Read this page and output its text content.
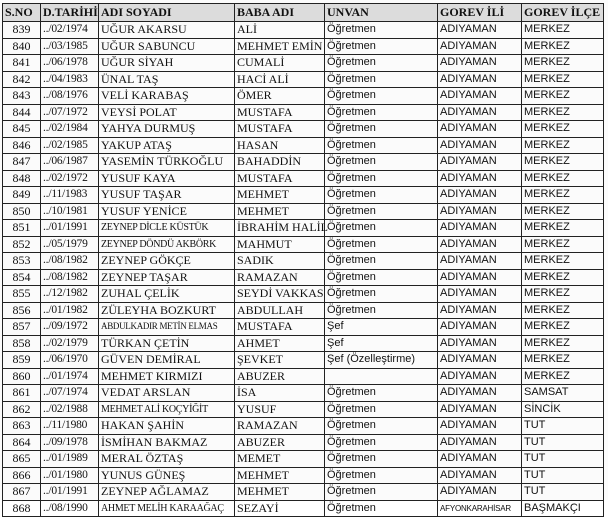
S.NO	D.TARİHİ	ADI SOYADI	BABA ADI	UNVAN	GOREV İLİ	GOREV İLÇE
839	../02/1974	UĞUR AKARSU	ALİ	Öğretmen	ADIYAMAN	MERKEZ
840	../03/1985	UĞUR SABUNCU	MEHMET EMİN	Öğretmen	ADIYAMAN	MERKEZ
841	../06/1978	UĞUR SİYAH	CUMALİ	Öğretmen	ADIYAMAN	MERKEZ
842	../04/1983	ÜNAL TAŞ	HACİ ALİ	Öğretmen	ADIYAMAN	MERKEZ
843	../08/1976	VELİ KARABAŞ	ÖMER	Öğretmen	ADIYAMAN	MERKEZ
844	../07/1972	VEYSİ POLAT	MUSTAFA	Öğretmen	ADIYAMAN	MERKEZ
845	../02/1984	YAHYA DURMUŞ	MUSTAFA	Öğretmen	ADIYAMAN	MERKEZ
846	../02/1985	YAKUP ATAŞ	HASAN	Öğretmen	ADIYAMAN	MERKEZ
847	../06/1987	YASEMİN TÜRKOĞLU	BAHADDİN	Öğretmen	ADIYAMAN	MERKEZ
848	../02/1972	YUSUF KAYA	MUSTAFA	Öğretmen	ADIYAMAN	MERKEZ
849	../11/1983	YUSUF TAŞAR	MEHMET	Öğretmen	ADIYAMAN	MERKEZ
850	../10/1981	YUSUF YENİCE	MEHMET	Öğretmen	ADIYAMAN	MERKEZ
851	../01/1991	ZEYNEP DİCLE KÜSTÜK	İBRAHİM HALİL	Öğretmen	ADIYAMAN	MERKEZ
852	../05/1979	ZEYNEP DÖNDÜ AKBÖRK	MAHMUT	Öğretmen	ADIYAMAN	MERKEZ
853	../08/1982	ZEYNEP GÖKÇE	SADIK	Öğretmen	ADIYAMAN	MERKEZ
854	../08/1982	ZEYNEP TAŞAR	RAMAZAN	Öğretmen	ADIYAMAN	MERKEZ
855	../12/1982	ZUHAL ÇELİK	SEYDİ VAKKAS	Öğretmen	ADIYAMAN	MERKEZ
856	../01/1982	ZÜLEYHA BOZKURT	ABDULLAH	Öğretmen	ADIYAMAN	MERKEZ
857	../09/1972	ABDULKADIR METİN ELMAS	MUSTAFA	Şef	ADIYAMAN	MERKEZ
858	../02/1979	TÜRKAN ÇETİN	AHMET	Şef	ADIYAMAN	MERKEZ
859	../06/1970	GÜVEN DEMİRAL	ŞEVKET	Şef (Özelleştirme)	ADIYAMAN	MERKEZ
860	../01/1974	MEHMET KIRMIZI	ABUZER		ADIYAMAN	MERKEZ
861	../07/1974	VEDAT ARSLAN	İSA	Öğretmen	ADIYAMAN	SAMSAT
862	../02/1988	MEHMET ALİ KOÇYİĞİT	YUSUF	Öğretmen	ADIYAMAN	SİNCİK
863	../11/1980	HAKAN ŞAHİN	RAMAZAN	Öğretmen	ADIYAMAN	TUT
864	../09/1978	İSMİHAN BAKMAZ	ABUZER	Öğretmen	ADIYAMAN	TUT
865	../01/1989	MERAL ÖZTAŞ	MEMET	Öğretmen	ADIYAMAN	TUT
866	../01/1980	YUNUS GÜNEŞ	MEHMET	Öğretmen	ADIYAMAN	TUT
867	../01/1991	ZEYNEP AĞLAMAZ	MEHMET	Öğretmen	ADIYAMAN	TUT
868	../08/1990	AHMET MELİH KARAAĞAÇ	SEZAYİ	Öğretmen	AFYONKARAHİSAR	BAŞMAKÇI
